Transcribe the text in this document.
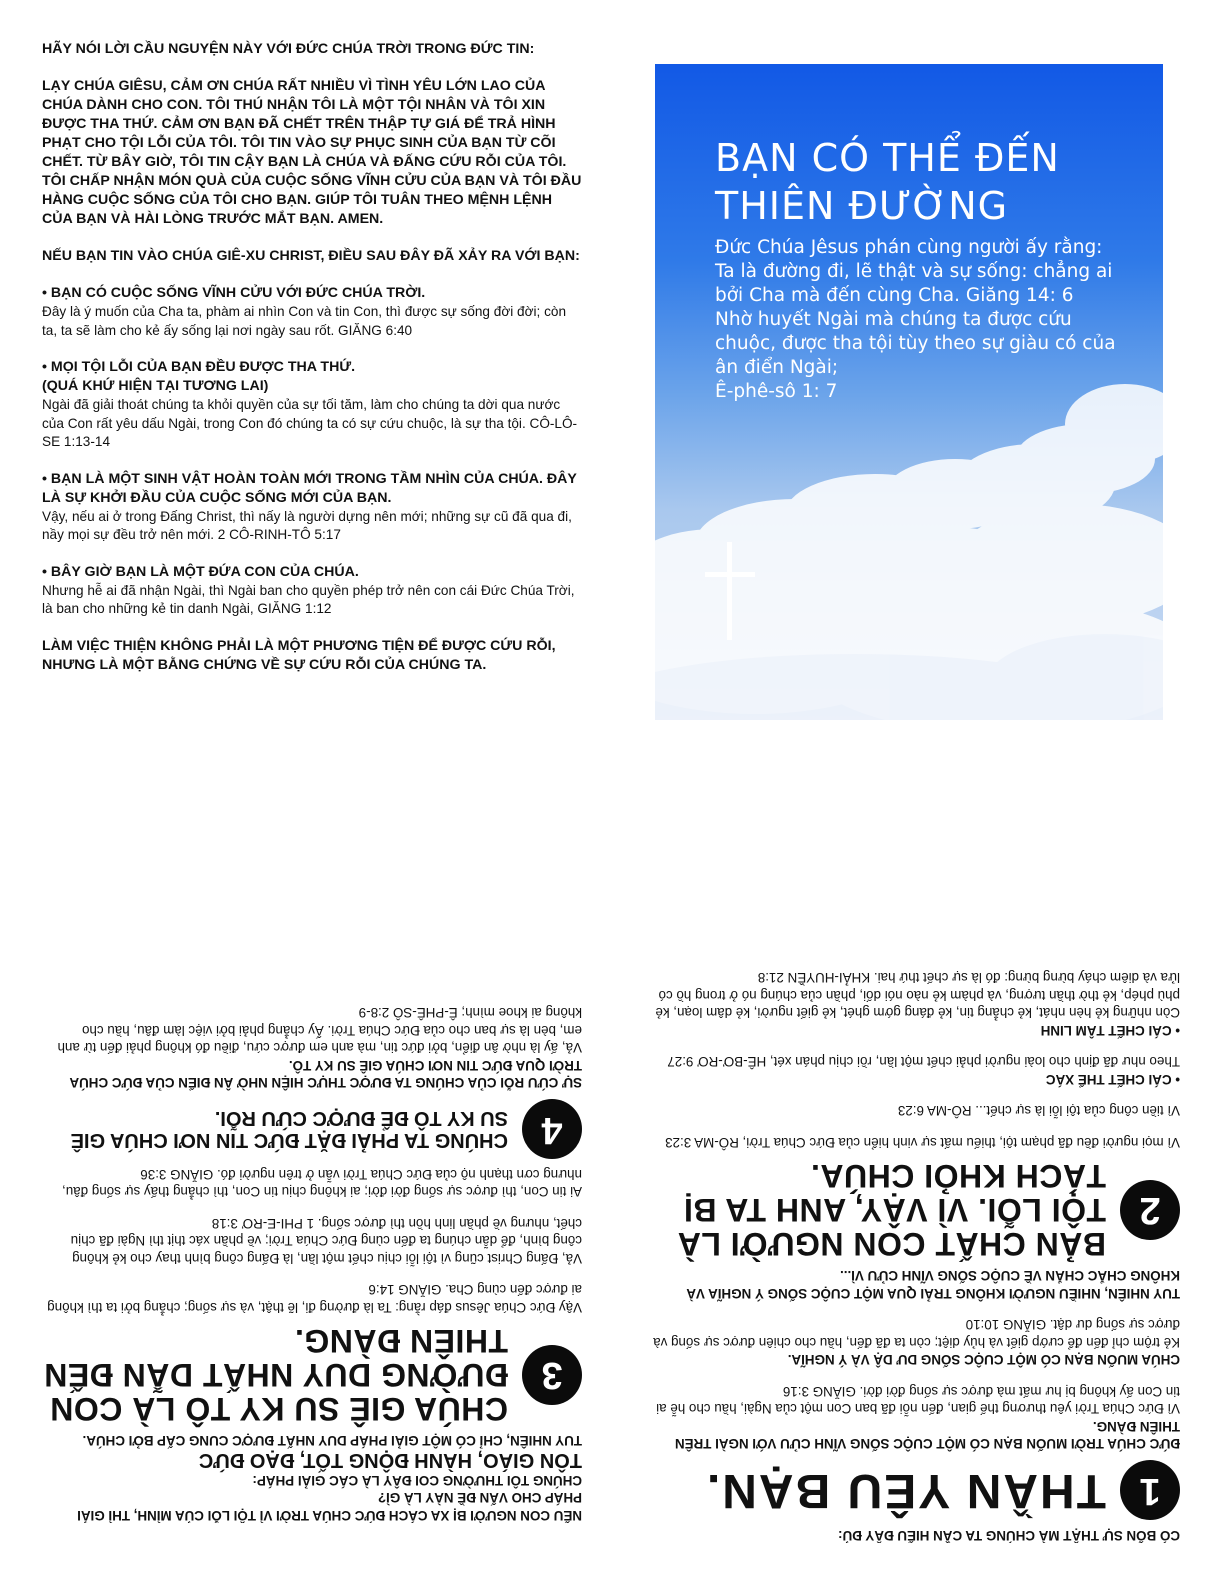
HÃY NÓI LỜI CẦU NGUYỆN NÀY VỚI ĐỨC CHÚA TRỜI TRONG ĐỨC TIN:

LẠY CHÚA GIÊSU, CẢM ƠN CHÚA RẤT NHIỀU VÌ TÌNH YÊU LỚN LAO CỦA CHÚA DÀNH CHO CON. TÔI THÚ NHẬN TÔI LÀ MỘT TỘI NHÂN VÀ TÔI XIN ĐƯỢC THA THỨ. CẢM ƠN BẠN ĐÃ CHẾT TRÊN THẬP TỰ GIÁ ĐỂ TRẢ HÌNH PHẠT CHO TỘI LỖI CỦA TÔI. TÔI TIN VÀO SỰ PHỤC SINH CỦA BẠN TỪ CÕI CHẾT. TỪ BÂY GIỜ, TÔI TIN CẬY BẠN LÀ CHÚA VÀ ĐẤNG CỨU RỖI CỦA TÔI. TÔI CHẤP NHẬN MÓN QUÀ CỦA CUỘC SỐNG VĨNH CỬU CỦA BẠN VÀ TÔI ĐẦU HÀNG CUỘC SỐNG CỦA TÔI CHO BẠN. GIÚP TÔI TUÂN THEO MỆNH LỆNH CỦA BẠN VÀ HÀI LÒNG TRƯỚC MẮT BẠN. AMEN.

NẾU BẠN TIN VÀO CHÚA GIÊ-XU CHRIST, ĐIỀU SAU ĐÂY ĐÃ XẢY RA VỚI BẠN:

• BẠN CÓ CUỘC SỐNG VĨNH CỬU VỚI ĐỨC CHÚA TRỜI.

Đây là ý muốn của Cha ta, phàm ai nhìn Con và tin Con, thì được sự sống đời đời; còn ta, ta sẽ làm cho kẻ ấy sống lại nơi ngày sau rốt. GIĂNG 6:40

• MỌI TỘI LỖI CỦA BẠN ĐỀU ĐƯỢC THA THỨ.

(QUÁ KHỨ HIỆN TẠI TƯƠNG LAI)

Ngài đã giải thoát chúng ta khỏi quyền của sự tối tăm, làm cho chúng ta dời qua nước của Con rất yêu dấu Ngài, trong Con đó chúng ta có sự cứu chuộc, là sự tha tội. CÔ-LÔ-SE 1:13-14

• BẠN LÀ MỘT SINH VẬT HOÀN TOÀN MỚI TRONG TẦM NHÌN CỦA CHÚA. ĐÂY LÀ SỰ KHỞI ĐẦU CỦA CUỘC SỐNG MỚI CỦA BẠN.

Vậy, nếu ai ở trong Đấng Christ, thì nấy là người dựng nên mới; những sự cũ đã qua đi, nầy mọi sự đều trở nên mới. 2 CÔ-RINH-TÔ 5:17

• BÂY GIỜ BẠN LÀ MỘT ĐỨA CON CỦA CHÚA.

Nhưng hễ ai đã nhận Ngài, thì Ngài ban cho quyền phép trở nên con cái Đức Chúa Trời, là ban cho những kẻ tin danh Ngài, GIĂNG 1:12

LÀM VIỆC THIỆN KHÔNG PHẢI LÀ MỘT PHƯƠNG TIỆN ĐỂ ĐƯỢC CỨU RỖI, NHƯNG LÀ MỘT BẰNG CHỨNG VỀ SỰ CỨU RỖI CỦA CHÚNG TA.

BẠN CÓ THỂ ĐẾN THIÊN ĐƯỜNG

Đức Chúa Jêsus phán cùng người ấy rằng: Ta là đường đi, lẽ thật và sự sống: chẳng ai bởi Cha mà đến cùng Cha. Giăng 14: 6

Nhờ huyết Ngài mà chúng ta được cứu chuộc, được tha tội tùy theo sự giàu có của ân điển Ngài;

Ê-phê-sô 1: 7

CÓ BỐN SỰ THẬT MÀ CHÚNG TA CẦN HIỂU ĐÂY ĐỦ:

1
THẦN YÊU BẠN.

ĐỨC CHÚA TRỜI MUỐN BẠN CÓ MỘT CUỘC SỐNG VĨNH CỬU VỚI NGÀI TRÊN THIÊN ĐÀNG.

Vì Đức Chúa Trời yêu thương thế gian, đến nỗi đã ban Con một của Ngài, hầu cho hễ ai tin Con ấy không bị hư mất mà được sự sống đời đời. GIĂNG 3:16

CHÚA MUỐN BẠN CÓ MỘT CUỘC SỐNG DƯ DẬ VÀ Ý NGHĨA.

Kẻ trộm chỉ đến để cướp giết và hủy diệt; còn ta đã đến, hầu cho chiên được sự sống và được sự sống dư dật. GIĂNG 10:10

TUY NHIÊN, NHIỀU NGƯỜI KHÔNG TRẢI QUA MỘT CUỘC SỐNG Ý NGHĨA VÀ KHÔNG CHẮC CHẮN VỀ CUỘC SỐNG VĨNH CỬU VÌ...

2
BẢN CHẤT CON NGƯỜI LÀ TỘI LỖI. VÌ VẬY, ANH TA BỊ TÁCH KHỎI CHÚA.

Vì mọi người đều đã phạm tội, thiếu mất sự vinh hiển của Đức Chúa Trời, RÔ-MA 3:23

Vì tiền công của tội lỗi là sự chết... RÔ-MA 6:23

• CÁI CHẾT THỂ XÁC

Theo như đã định cho loài người phải chết một lần, rồi chịu phán xét, HÊ-BƠ-RƠ 9:27

• CÁI CHẾT TÂM LINH

Còn những kẻ hèn nhát, kẻ chẳng tin, kẻ đáng gớm ghét, kẻ giết người, kẻ dâm loạn, kẻ phù phép, kẻ thờ thần tượng, và phàm kẻ nào nói dối, phần của chúng nó ở trong hồ có lửa và diêm cháy bừng bừng: đó là sự chết thứ hai. KHẢI-HUYỀN 21:8

NẾU CON NGƯỜI BỊ XA CÁCH ĐỨC CHÚA TRỜI VÌ TỘI LỖI CỦA MÌNH, THÌ GIẢI PHÁP CHO VẤN ĐỀ NÀY LÀ GÌ?

CHÚNG TÔI THƯỜNG COI ĐÂY LÀ CÁC GIẢI PHÁP:

TÔN GIÁO, HÀNH ĐỘNG TỐT, ĐẠO ĐỨC

TUY NHIÊN, CHỈ CÓ MỘT GIẢI PHÁP DUY NHẤT ĐƯỢC CUNG CẤP BỞI CHÚA.

3
CHÚA GIÊ SU KY TÔ LÀ CON ĐƯỜNG DUY NHẤT DẪN ĐẾN THIÊN ĐÀNG.

Vậy Đức Chúa Jêsus đáp rằng: Ta là đường đi, lẽ thật, và sự sống; chẳng bởi ta thì không ai được đến cùng Cha. GIĂNG 14:6

Vả, Đấng Christ cũng vì tội lỗi chịu chết một lần, là Đấng công bình thay cho kẻ không công bình, để dẫn chúng ta đến cùng Đức Chúa Trời; về phần xác thịt thì Ngài đã chịu chết, nhưng về phần linh hồn thì được sống. 1 PHI-E-RƠ 3:18

Ai tin Con, thì được sự sống đời đời; ai không chịu tin Con, thì chẳng thấy sự sống đâu, nhưng cơn thạnh nộ của Đức Chúa Trời vẫn ở trên người đó. GIĂNG 3:36

4
CHÚNG TA PHẢI ĐẶT ĐỨC TIN NƠI CHÚA GIÊ SU KY TÔ ĐỂ ĐƯỢC CỨU RỖI.

SỰ CỨU RỖI CỦA CHÚNG TA ĐƯỢC THỰC HIỆN NHỜ ÂN ĐIỂN CỦA ĐỨC CHÚA TRỜI QUA ĐỨC TIN NƠI CHÚA GIÊ SU KY TÔ.

Vả, ấy là nhờ ân điển, bởi đức tin, mà anh em được cứu, điều đó không phải đến từ anh em, bèn là sự ban cho của Đức Chúa Trời. Ấy chẳng phải bởi việc làm đâu, hầu cho không ai khoe mình; Ê-PHÊ-SÔ 2:8-9
